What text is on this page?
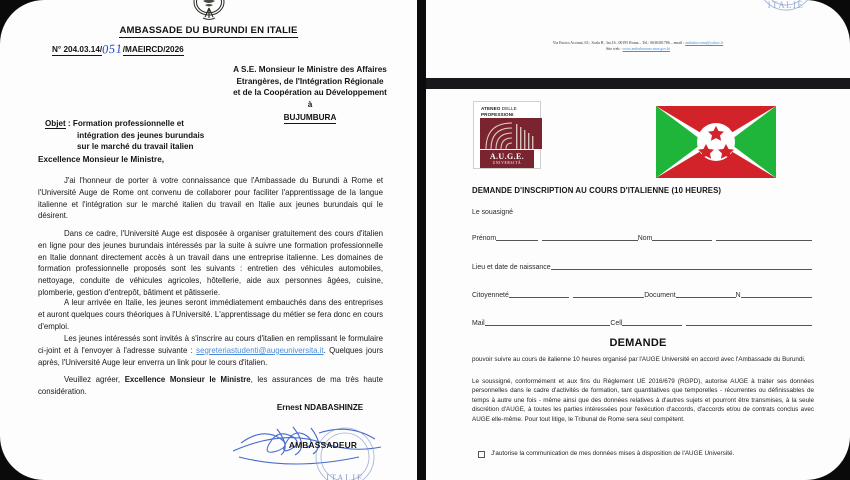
AMBASSADE DU BURUNDI EN ITALIE
N° 204.03.14/051/MAEIRCD/2026
A S.E. Monsieur le Ministre des Affaires
Etrangères, de l'Intégration Régionale
et de la Coopération au Développement
à
BUJUMBURA
Objet : Formation professionnelle et
intégration des jeunes burundais
sur le marché du travail italien
Excellence Monsieur le Ministre,

J'ai l'honneur de porter à votre connaissance que l'Ambassade du Burundi à Rome et l'Université Auge de Rome ont convenu de collaborer pour faciliter l'apprentissage de la langue italienne et l'intégration sur le marché italien du travail en Italie aux jeunes burundais qui le désirent.

Dans ce cadre, l'Université Auge est disposée à organiser gratuitement des cours d'italien en ligne pour des jeunes burundais intéressés par la suite à suivre une formation professionnelle en Italie donnant directement accès à un travail dans une entreprise italienne. Les domaines de formation professionnelle proposés sont les suivants : entretien des véhicules automobiles, nettoyage, conduite de véhicules agricoles, hôtellerie, aide aux personnes âgées, cuisine, plomberie, gestion d'entrepôt, bâtiment et pâtisserie.

A leur arrivée en Italie, les jeunes seront immédiatement embauchés dans des entreprises et auront quelques cours théoriques à l'Université. L'apprentissage du métier se fera donc en cours d'emploi.

Les jeunes intéressés sont invités à s'inscrire au cours d'italien en remplissant le formulaire ci-joint et à l'envoyer à l'adresse suivante : segreteriastudenti@augeuniversita.it. Quelques jours après, l'Université Auge leur enverra un link pour le cours d'italien.

Veuillez agréer, Excellence Monsieur le Ministre, les assurances de ma très haute considération.

Ernest NDABASHINZE
ITALIE
AMBASSADEUR
ITALIE
Via Enrico Accinni, 63 ; Scala B , Int.16 , 00195 Roma – Tel.: 0636381786 – email : ambabu.roma@yahoo.fr
Site web : www.ambaburome.mae.gov.bi
ATENEO DELLE
PROFESSIONI
A.U.G.E.
UNIVERSITÀ
DEMANDE D'INSCRIPTION AU COURS D'ITALIENNE (10 HEURES)
Le souasigné
Prénom	Nom
Lieu et date de naissance
Citoyenneté	Document	N
Mail	Cell
DEMANDE
pouvoir suivre au cours de italienne 10 heures organisé par l'AUGE Université en accord avec l'Ambassade du Burundi.
Le soussigné, conformément et aux fins du Règlement UE 2016/679 (RGPD), autorise AUGE à traiter ses données personnelles dans le cadre d'activités de formation, tant quantitatives que temporelles - récurrentes ou définissables de temps à autre une fois - même ainsi que des données relatives à d'autres sujets et pourront être transmises, à la seule discrétion d'AUGE, à toutes les parties intéressées pour l'exécution d'accords, d'accords et/ou de contrats conclus avec AUGE elle-même. Pour tout litige, le Tribunal de Rome sera seul compétent.
J'autorise la communication de mes données mises à disposition de l'AUGE Université.
